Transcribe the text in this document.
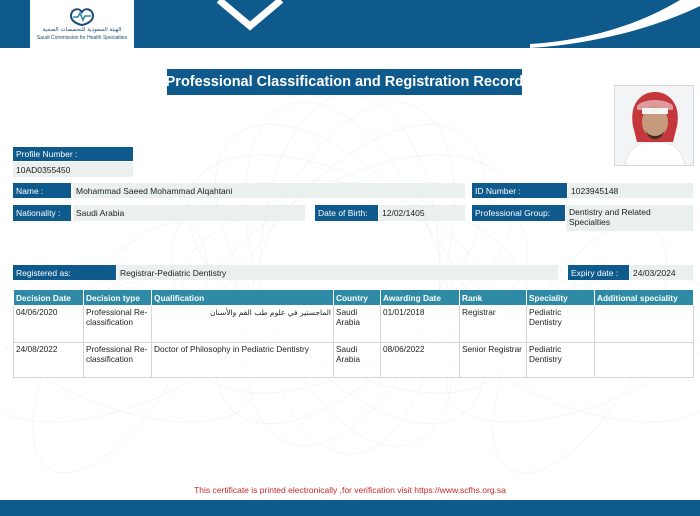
الهيئة السعودية للتخصصات الصحية
Saudi Commission for Health Specialties
Professional Classification and Registration Record
Profile Number :
10AD0355450
Name :	Mohammad Saeed Mohammad Alqahtani	ID Number :	1023945148
Nationality :	Saudi Arabia	Date of Birth:	12/02/1405	Professional Group:	Dentistry and Related Specialties
Registered as:	Registrar-Pediatric Dentistry	Expiry date :	24/03/2024
Decision Date	Decision type	Qualification	Country	Awarding Date	Rank	Speciality	Additional speciality
04/06/2020	Professional Re-classification	الماجستير في علوم طب الفم والأسنان	Saudi Arabia	01/01/2018	Registrar	Pediatric Dentistry	
24/08/2022	Professional Re-classification	Doctor of Philosophy in Pediatric Dentistry	Saudi Arabia	08/06/2022	Senior Registrar	Pediatric Dentistry	
This certificate is printed electronically ,for verification visit https://www.scfhs.org.sa
